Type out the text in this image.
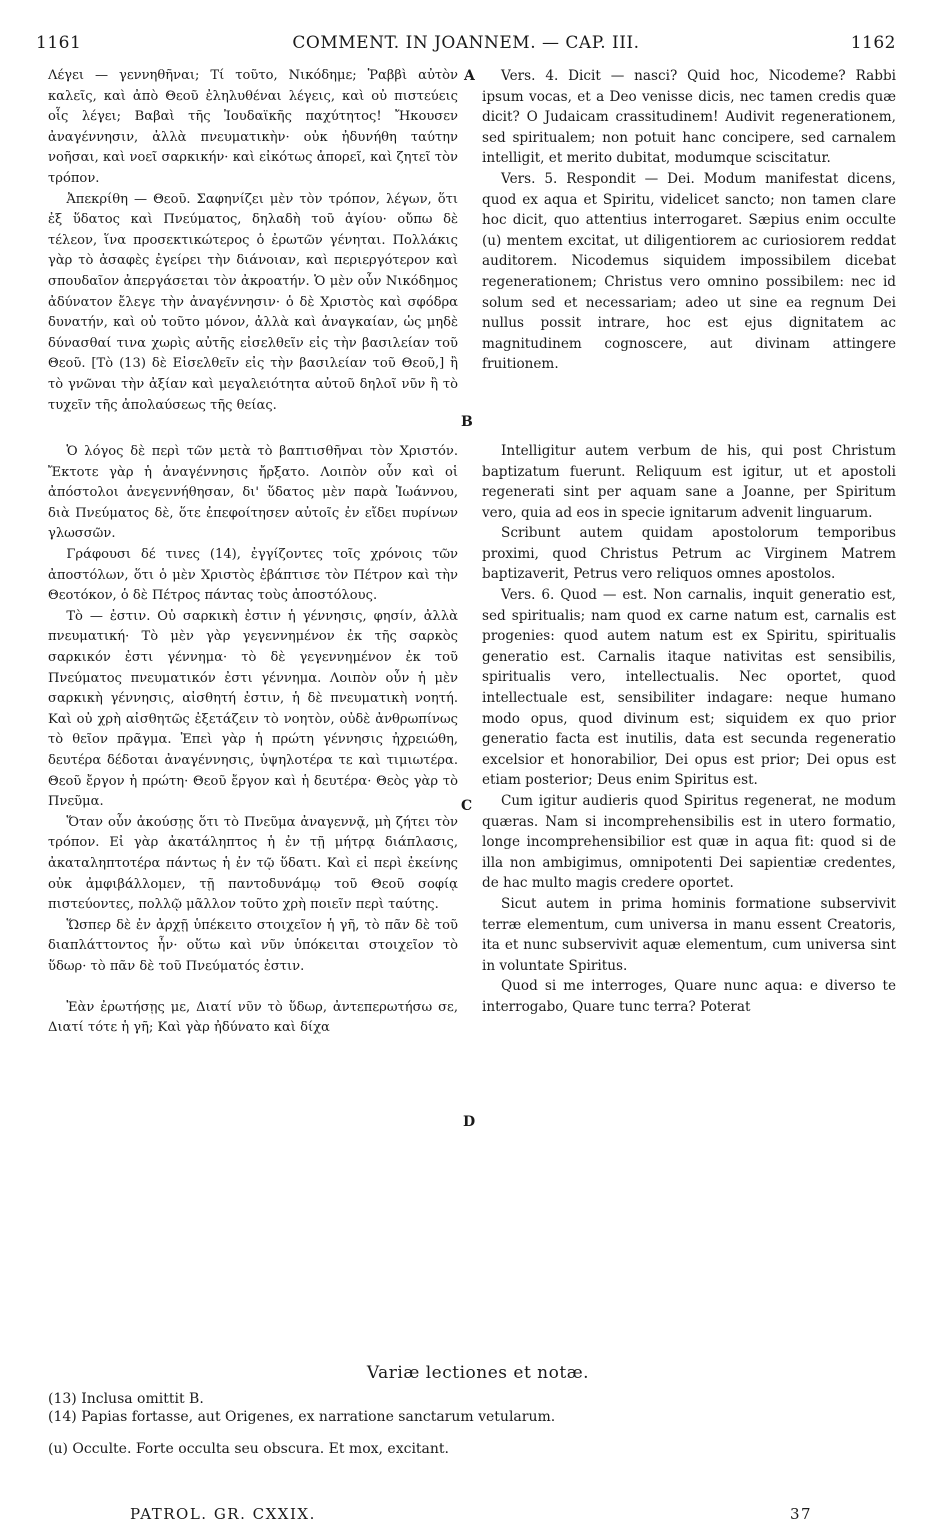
1161	COMMENT. IN JOANNEM. — CAP. III.	1162

Λέγει — γεννηθῆναι; Τί τοῦτο, Νικόδημε; Ῥαββὶ αὐτὸν καλεῖς, καὶ ἀπὸ Θεοῦ ἐληλυθέναι λέγεις, καὶ οὐ πιστεύεις οἷς λέγει; Βαβαὶ τῆς Ἰουδαϊκῆς παχύτητος! Ἤκουσεν ἀναγέννησιν, ἀλλὰ πνευματικὴν· οὐκ ἠδυνήθη ταύτην νοῆσαι, καὶ νοεῖ σαρκικήν· καὶ εἰκότως ἀπορεῖ, καὶ ζητεῖ τὸν τρόπον.

Ἀπεκρίθη — Θεοῦ. Σαφηνίζει μὲν τὸν τρόπον, λέγων, ὅτι ἐξ ὕδατος καὶ Πνεύματος, δηλαδὴ τοῦ ἁγίου· οὔπω δὲ τέλεον, ἵνα προσεκτικώτερος ὁ ἐρωτῶν γένηται. Πολλάκις γὰρ τὸ ἀσαφὲς ἐγείρει τὴν διάνοιαν, καὶ περιεργότερον καὶ σπουδαῖον ἀπεργάσεται τὸν ἀκροατήν. Ὁ μὲν οὖν Νικόδημος ἀδύνατον ἔλεγε τὴν ἀναγέννησιν· ὁ δὲ Χριστὸς καὶ σφόδρα δυνατήν, καὶ οὐ τοῦτο μόνον, ἀλλὰ καὶ ἀναγκαίαν, ὡς μηδὲ δύνασθαί τινα χωρὶς αὐτῆς εἰσελθεῖν εἰς τὴν βασιλείαν τοῦ Θεοῦ. [Τὸ (13) δὲ Εἰσελθεῖν εἰς τὴν βασιλείαν τοῦ Θεοῦ,] ἢ τὸ γνῶναι τὴν ἀξίαν καὶ μεγαλειότητα αὐτοῦ δηλοῖ νῦν ἢ τὸ τυχεῖν τῆς ἀπολαύσεως τῆς θείας.

Ὁ λόγος δὲ περὶ τῶν μετὰ τὸ βαπτισθῆναι τὸν Χριστόν. Ἔκτοτε γὰρ ἡ ἀναγέννησις ἤρξατο. Λοιπὸν οὖν καὶ οἱ ἀπόστολοι ἀνεγεννήθησαν, δι' ὕδατος μὲν παρὰ Ἰωάννου, διὰ Πνεύματος δὲ, ὅτε ἐπεφοίτησεν αὐτοῖς ἐν εἴδει πυρίνων γλωσσῶν.

Γράφουσι δέ τινες (14), ἐγγίζοντες τοῖς χρόνοις τῶν ἀποστόλων, ὅτι ὁ μὲν Χριστὸς ἐβάπτισε τὸν Πέτρον καὶ τὴν Θεοτόκον, ὁ δὲ Πέτρος πάντας τοὺς ἀποστόλους.

Τὸ — ἐστιν. Οὐ σαρκικὴ ἐστιν ἡ γέννησις, φησίν, ἀλλὰ πνευματική· Τὸ μὲν γὰρ γεγεννημένον ἐκ τῆς σαρκὸς σαρκικόν ἐστι γέννημα· τὸ δὲ γεγεννημένον ἐκ τοῦ Πνεύματος πνευματικόν ἐστι γέννημα. Λοιπὸν οὖν ἡ μὲν σαρκικὴ γέννησις, αἰσθητή ἐστιν, ἡ δὲ πνευματικὴ νοητή. Καὶ οὐ χρὴ αἰσθητῶς ἐξετάζειν τὸ νοητὸν, οὐδὲ ἀνθρωπίνως τὸ θεῖον πρᾶγμα. Ἐπεὶ γὰρ ἡ πρώτη γέννησις ἠχρειώθη, δευτέρα δέδοται ἀναγέννησις, ὑψηλοτέρα τε καὶ τιμιωτέρα. Θεοῦ ἔργον ἡ πρώτη· Θεοῦ ἔργον καὶ ἡ δευτέρα· Θεὸς γὰρ τὸ Πνεῦμα.

Ὅταν οὖν ἀκούσῃς ὅτι τὸ Πνεῦμα ἀναγεννᾷ, μὴ ζήτει τὸν τρόπον. Εἰ γὰρ ἀκατάληπτος ἡ ἐν τῇ μήτρᾳ διάπλασις, ἀκαταληπτοτέρα πάντως ἡ ἐν τῷ ὕδατι. Καὶ εἰ περὶ ἐκείνης οὐκ ἀμφιβάλλομεν, τῇ παντοδυνάμῳ τοῦ Θεοῦ σοφίᾳ πιστεύοντες, πολλῷ μᾶλλον τοῦτο χρὴ ποιεῖν περὶ ταύτης.

Ὥσπερ δὲ ἐν ἀρχῇ ὑπέκειτο στοιχεῖον ἡ γῆ, τὸ πᾶν δὲ τοῦ διαπλάττοντος ἦν· οὕτω καὶ νῦν ὑπόκειται στοιχεῖον τὸ ὕδωρ· τὸ πᾶν δὲ τοῦ Πνεύματός ἐστιν.

Ἐὰν ἐρωτήσῃς με, Διατί νῦν τὸ ὕδωρ, ἀντεπερωτήσω σε, Διατί τότε ἡ γῆ; Καὶ γὰρ ἠδύνατο καὶ δίχα

A
B
C
D

Vers. 4. Dicit — nasci? Quid hoc, Nicodeme? Rabbi ipsum vocas, et a Deo venisse dicis, nec tamen credis quæ dicit? O Judaicam crassitudinem! Audivit regenerationem, sed spiritualem; non potuit hanc concipere, sed carnalem intelligit, et merito dubitat, modumque sciscitatur.

Vers. 5. Respondit — Dei. Modum manifestat dicens, quod ex aqua et Spiritu, videlicet sancto; non tamen clare hoc dicit, quo attentius interrogaret. Sæpius enim occulte (u) mentem excitat, ut diligentiorem ac curiosiorem reddat auditorem. Nicodemus siquidem impossibilem dicebat regenerationem; Christus vero omnino possibilem: nec id solum sed et necessariam; adeo ut sine ea regnum Dei nullus possit intrare, hoc est ejus dignitatem ac magnitudinem cognoscere, aut divinam attingere fruitionem.

Intelligitur autem verbum de his, qui post Christum baptizatum fuerunt. Reliquum est igitur, ut et apostoli regenerati sint per aquam sane a Joanne, per Spiritum vero, quia ad eos in specie ignitarum advenit linguarum.

Scribunt autem quidam apostolorum temporibus proximi, quod Christus Petrum ac Virginem Matrem baptizaverit, Petrus vero reliquos omnes apostolos.

Vers. 6. Quod — est. Non carnalis, inquit generatio est, sed spiritualis; nam quod ex carne natum est, carnalis est progenies: quod autem natum est ex Spiritu, spiritualis generatio est. Carnalis itaque nativitas est sensibilis, spiritualis vero, intellectualis. Nec oportet, quod intellectuale est, sensibiliter indagare: neque humano modo opus, quod divinum est; siquidem ex quo prior generatio facta est inutilis, data est secunda regeneratio excelsior et honorabilior, Dei opus est prior; Dei opus est etiam posterior; Deus enim Spiritus est.

Cum igitur audieris quod Spiritus regenerat, ne modum quæras. Nam si incomprehensibilis est in utero formatio, longe incomprehensibilior est quæ in aqua fit: quod si de illa non ambigimus, omnipotenti Dei sapientiæ credentes, de hac multo magis credere oportet.

Sicut autem in prima hominis formatione subservivit terræ elementum, cum universa in manu essent Creatoris, ita et nunc subservivit aquæ elementum, cum universa sint in voluntate Spiritus.

Quod si me interroges, Quare nunc aqua: e diverso te interrogabo, Quare tunc terra? Poterat

Variæ lectiones et notæ.
(13) Inclusa omittit B.
(14) Papias fortasse, aut Origenes, ex narratione sanctarum vetularum.
(u) Occulte. Forte occulta seu obscura. Et mox, excitant.
PATROL. GR. CXXIX.	37
